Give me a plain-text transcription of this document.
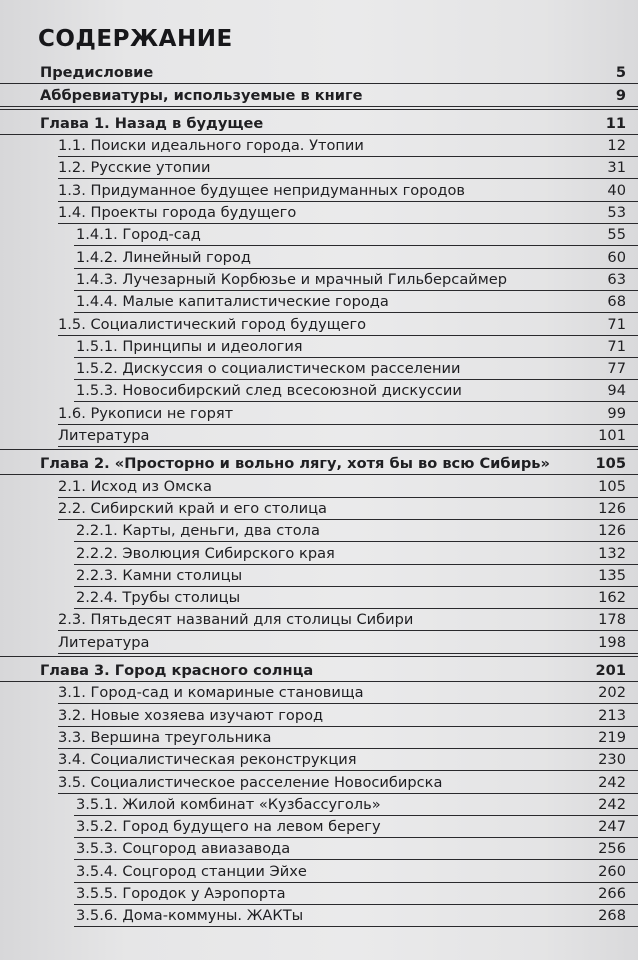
СОДЕРЖАНИЕ
Предисловие	5
Аббревиатуры, используемые в книге	9
Глава 1. Назад в будущее	11
1.1. Поиски идеального города. Утопии	12
1.2. Русские утопии	31
1.3. Придуманное будущее непридуманных городов	40
1.4. Проекты города будущего	53
1.4.1. Город-сад	55
1.4.2. Линейный город	60
1.4.3. Лучезарный Корбюзье и мрачный Гильберсаймер	63
1.4.4. Малые капиталистические города	68
1.5. Социалистический город будущего	71
1.5.1. Принципы и идеология	71
1.5.2. Дискуссия о социалистическом расселении	77
1.5.3. Новосибирский след всесоюзной дискуссии	94
1.6. Рукописи не горят	99
Литература	101
Глава 2. «Просторно и вольно лягу, хотя бы во всю Сибирь»	105
2.1. Исход из Омска	105
2.2. Сибирский край и его столица	126
2.2.1. Карты, деньги, два стола	126
2.2.2. Эволюция Сибирского края	132
2.2.3. Камни столицы	135
2.2.4. Трубы столицы	162
2.3. Пятьдесят названий для столицы Сибири	178
Литература	198
Глава 3. Город красного солнца	201
3.1. Город-сад и комариные становища	202
3.2. Новые хозяева изучают город	213
3.3. Вершина треугольника	219
3.4. Социалистическая реконструкция	230
3.5. Социалистическое расселение Новосибирска	242
3.5.1. Жилой комбинат «Кузбассуголь»	242
3.5.2. Город будущего на левом берегу	247
3.5.3. Соцгород авиазавода	256
3.5.4. Соцгород станции Эйхе	260
3.5.5. Городок у Аэропорта	266
3.5.6. Дома-коммуны. ЖАКТы	268
